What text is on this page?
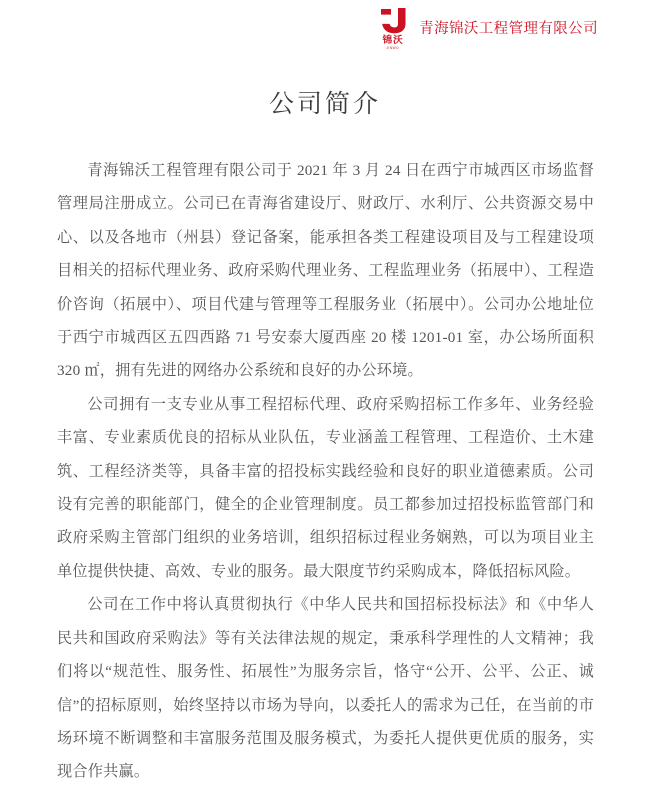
锦沃
JINWO
青海锦沃工程管理有限公司
公司简介

青海锦沃工程管理有限公司于 2021 年 3 月 24 日在西宁市城西区市场监督管理局注册成立。公司已在青海省建设厅、财政厅、水利厅、公共资源交易中心、以及各地市（州县）登记备案，能承担各类工程建设项目及与工程建设项目相关的招标代理业务、政府采购代理业务、工程监理业务（拓展中）、工程造价咨询（拓展中）、项目代建与管理等工程服务业（拓展中）。公司办公地址位于西宁市城西区五四西路 71 号安泰大厦西座 20 楼 1201-01 室，办公场所面积 320 ㎡，拥有先进的网络办公系统和良好的办公环境。

公司拥有一支专业从事工程招标代理、政府采购招标工作多年、业务经验丰富、专业素质优良的招标从业队伍，专业涵盖工程管理、工程造价、土木建筑、工程经济类等，具备丰富的招投标实践经验和良好的职业道德素质。公司设有完善的职能部门，健全的企业管理制度。员工都参加过招投标监管部门和政府采购主管部门组织的业务培训，组织招标过程业务娴熟，可以为项目业主单位提供快捷、高效、专业的服务。最大限度节约采购成本，降低招标风险。

公司在工作中将认真贯彻执行《中华人民共和国招标投标法》和《中华人民共和国政府采购法》等有关法律法规的规定，秉承科学理性的人文精神；我们将以“规范性、服务性、拓展性”为服务宗旨，恪守“公开、公平、公正、诚信”的招标原则，始终坚持以市场为导向，以委托人的需求为己任，在当前的市场环境不断调整和丰富服务范围及服务模式，为委托人提供更优质的服务，实现合作共赢。
